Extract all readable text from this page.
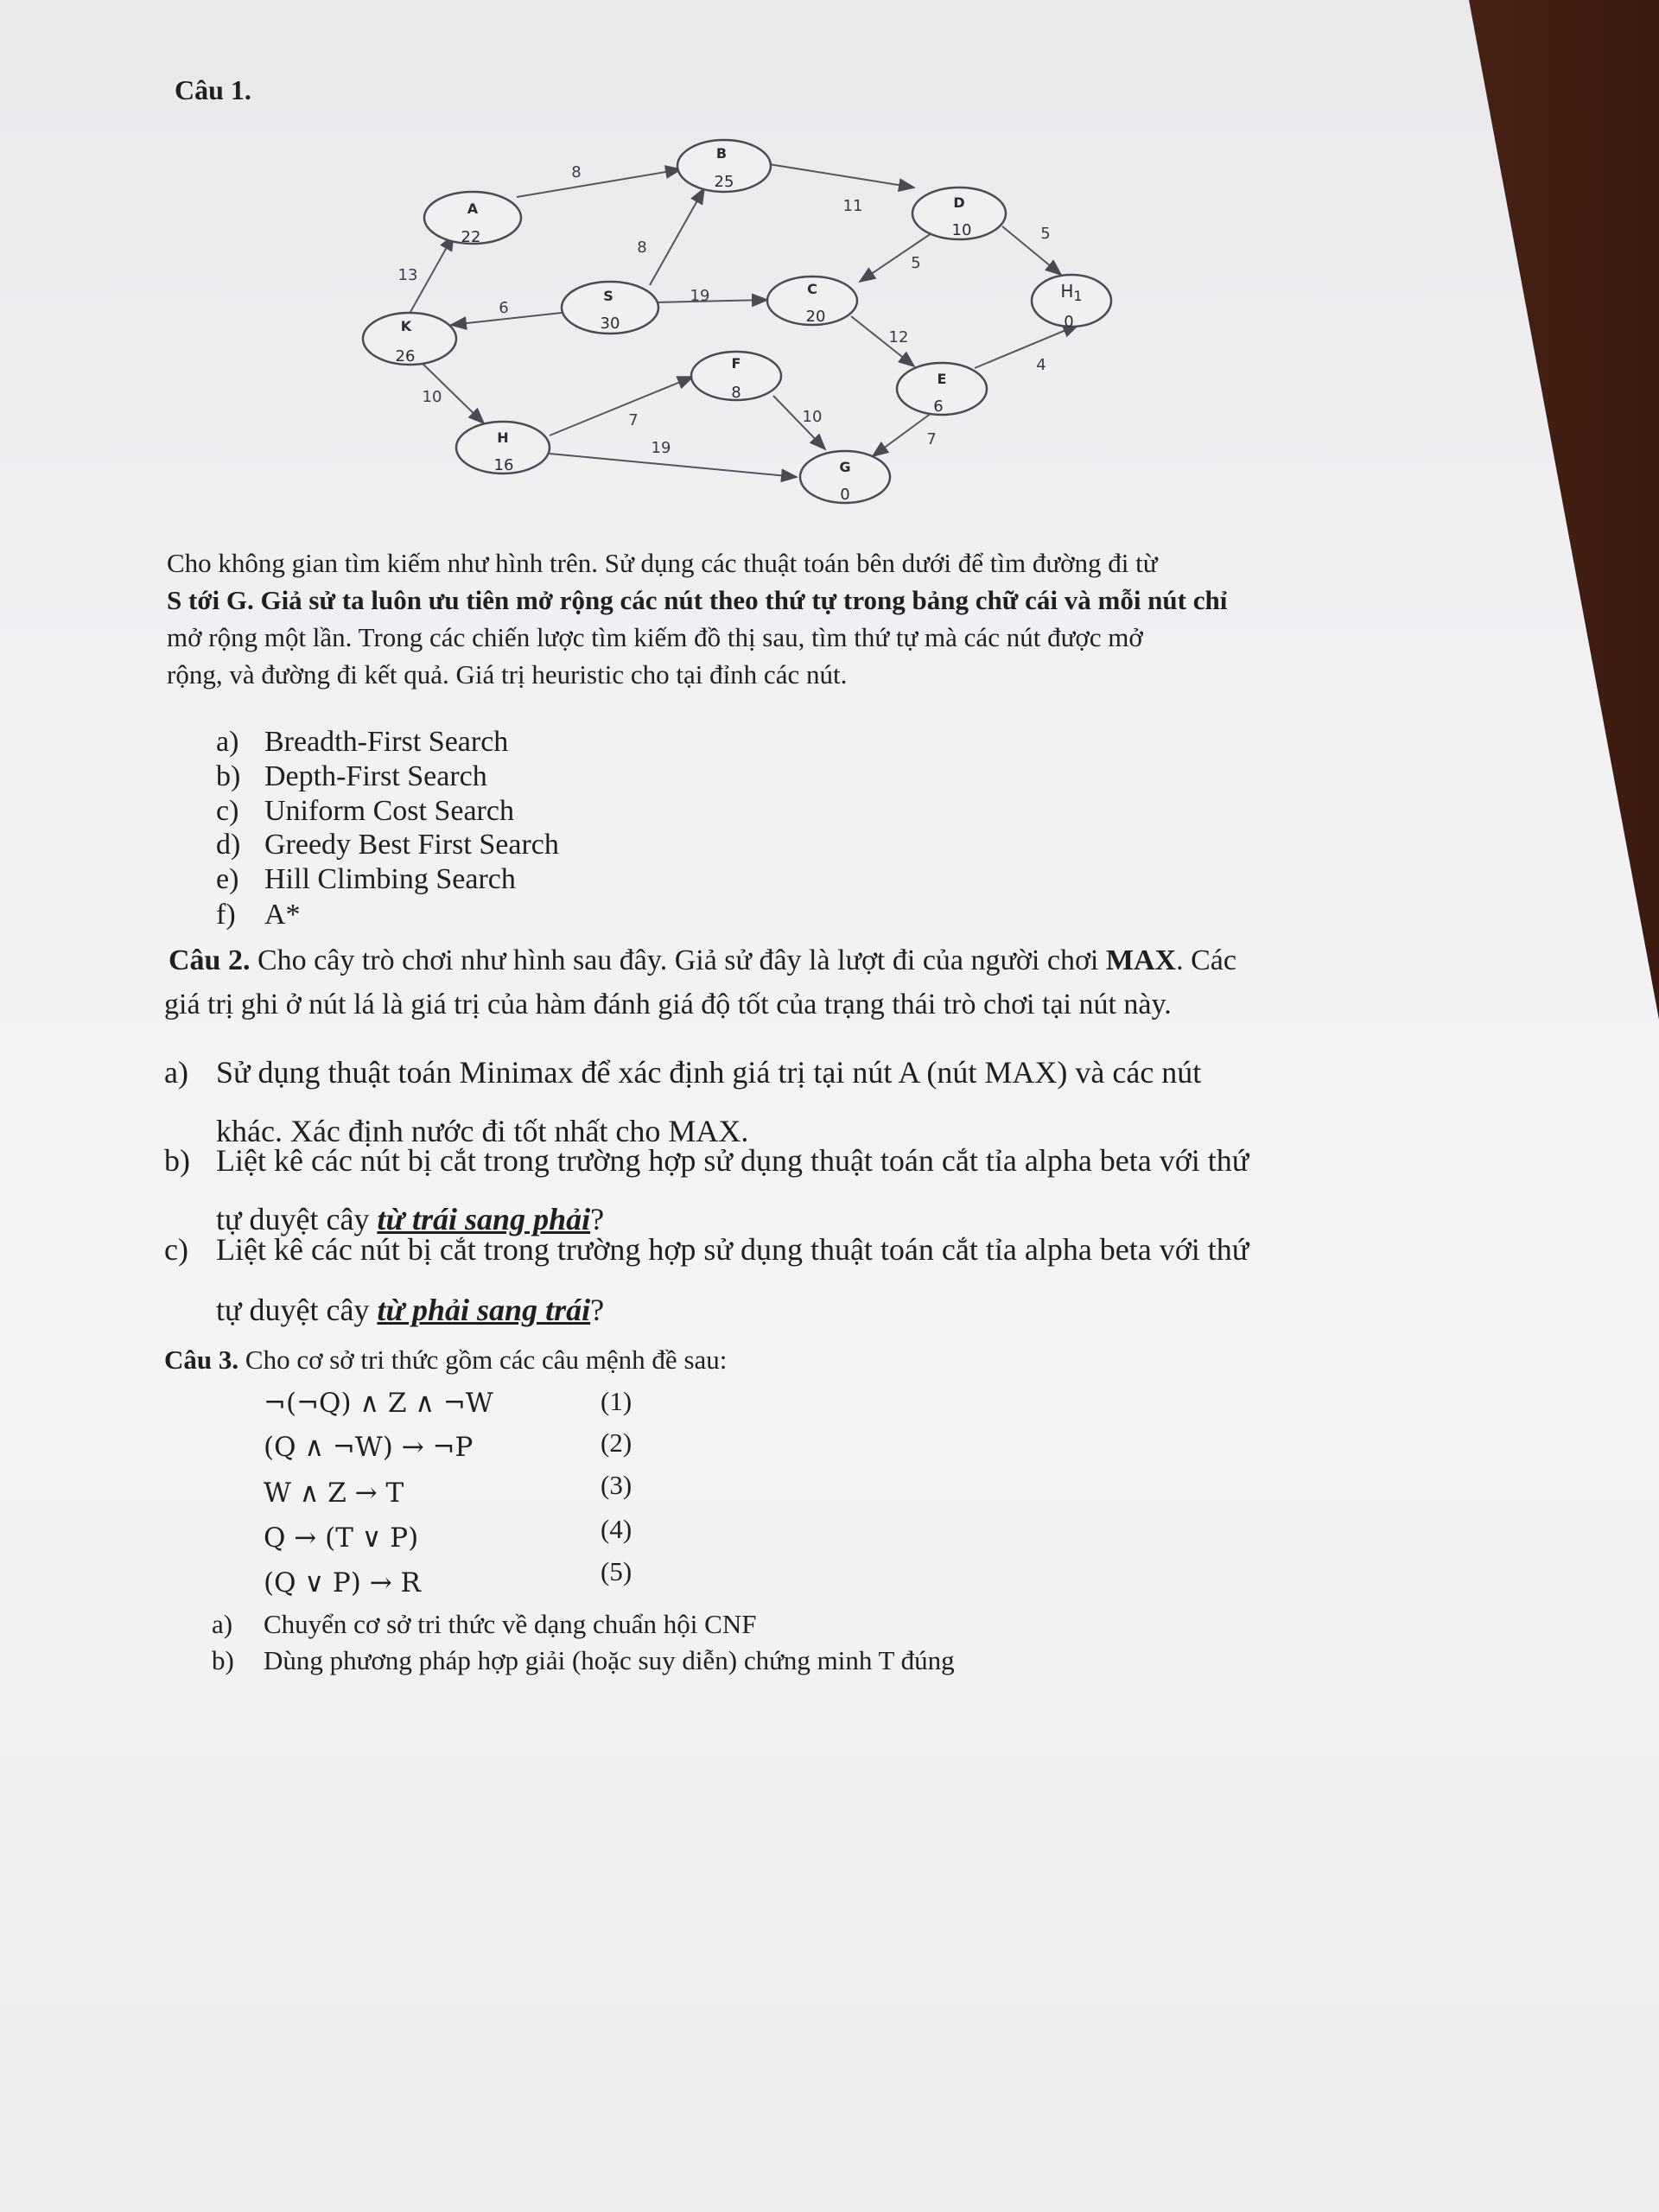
Câu 1.
8
13
8
6
19
11
5
5
12
4
10
7
19
10
7
A
B
D
$H_1$
S	C
K
F
E
H
G
22
25
10
0
30	20
26
8
6
16
0
Cho không gian tìm kiếm như hình trên. Sử dụng các thuật toán bên dưới để tìm đường đi từ
S tới G. Giả sử ta luôn ưu tiên mở rộng các nút theo thứ tự trong bảng chữ cái và mỗi nút chỉ
mở rộng một lần. Trong các chiến lược tìm kiếm đồ thị sau, tìm thứ tự mà các nút được mở
rộng, và đường đi kết quả. Giá trị heuristic cho tại đỉnh các nút.
a) Breadth-First Search
b) Depth-First Search
c) Uniform Cost Search
d) Greedy Best First Search
e) Hill Climbing Search
f) A*
Câu 2. Cho cây trò chơi như hình sau đây. Giả sử đây là lượt đi của người chơi MAX. Các
giá trị ghi ở nút lá là giá trị của hàm đánh giá độ tốt của trạng thái trò chơi tại nút này.
a) Sử dụng thuật toán Minimax để xác định giá trị tại nút A (nút MAX) và các nút
khác. Xác định nước đi tốt nhất cho MAX.
b) Liệt kê các nút bị cắt trong trường hợp sử dụng thuật toán cắt tỉa alpha beta với thứ
tự duyệt cây từ trái sang phải?
c) Liệt kê các nút bị cắt trong trường hợp sử dụng thuật toán cắt tỉa alpha beta với thứ
tự duyệt cây từ phải sang trái?
Câu 3. Cho cơ sở tri thức gồm các câu mệnh đề sau:
¬(¬Q) ∧ Z ∧ ¬W	(1)
(Q ∧ ¬W) → ¬P	(2)
W ∧ Z → T	(3)
Q → (T ∨ P)	(4)
(Q ∨ P) → R	(5)
a) Chuyển cơ sở tri thức về dạng chuẩn hội CNF
b) Dùng phương pháp hợp giải (hoặc suy diễn) chứng minh T đúng
